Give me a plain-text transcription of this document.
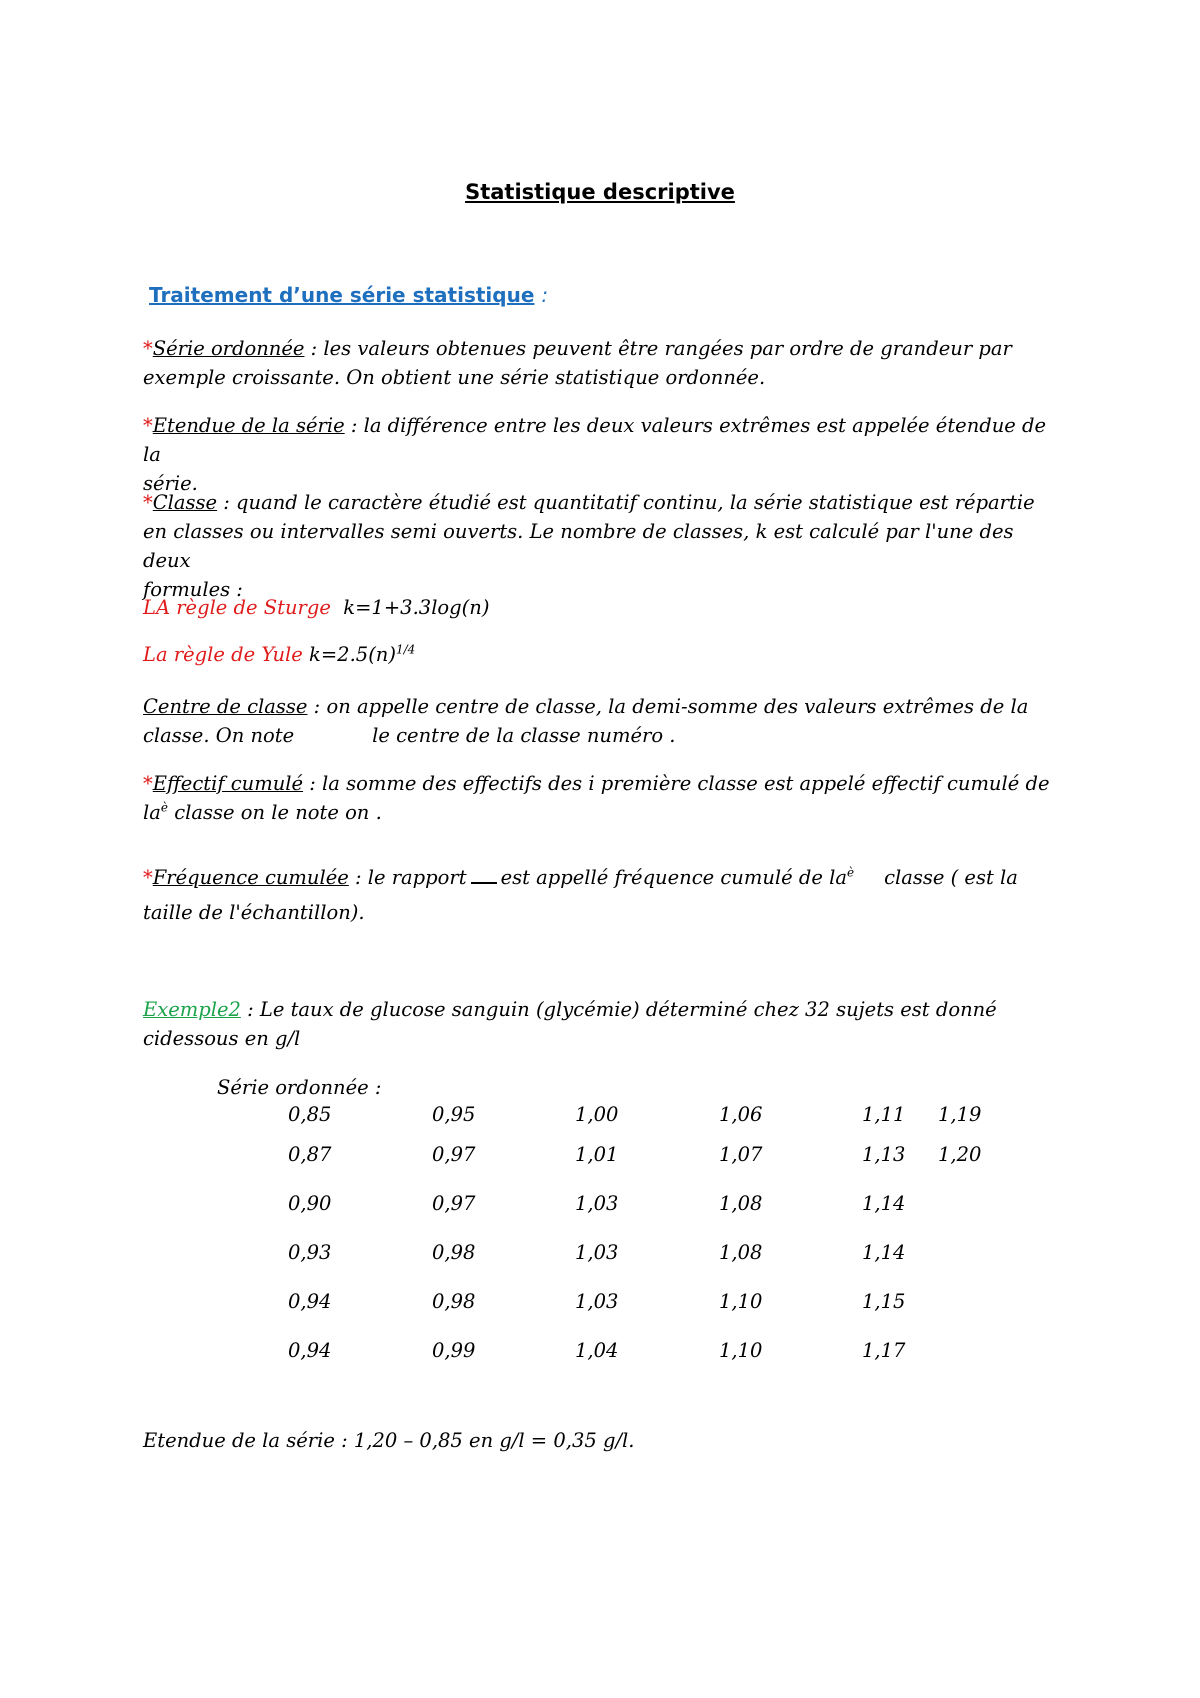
Statistique descriptive
Traitement d’une série statistique :

*Série ordonnée : les valeurs obtenues peuvent être rangées par ordre de grandeur par
exemple croissante. On obtient une série statistique ordonnée.

*Etendue de la série : la différence entre les deux valeurs extrêmes est appelée étendue de la
série.

*Classe : quand le caractère étudié est quantitatif continu, la série statistique est répartie
en classes ou intervalles semi ouverts. Le nombre de classes, k est calculé par l'une des deux
formules :

LA règle de Sturge k=1+3.3log(n)

La règle de Yule $k=2.5(n)^{1/4}$

Centre de classe : on appelle centre de classe, la demi-somme des valeurs extrêmes de la
classe. On note	le centre de la classe numéro .

*Effectif cumulé : la somme des effectifs des i première classe est appelé effectif cumulé de
$la^è$ classe on le note on .

*Fréquence cumulée : le rapport est appellé fréquence cumulé de $la^è$ classe ( est la
taille de l'échantillon).

Exemple2 : Le taux de glucose sanguin (glycémie) déterminé chez 32 sujets est donné
cidessous en g/l

Série ordonnée :
0,85
0,87
0,90
0,93
0,94
0,94
0,95
0,97
0,97
0,98
0,98
0,99
1,00
1,01
1,03
1,03
1,03
1,04
1,06
1,07
1,08
1,08
1,10
1,10
1,11
1,13
1,14
1,14
1,15
1,17
1,19
1,20

Etendue de la série : 1,20 – 0,85 en g/l = 0,35 g/l.
